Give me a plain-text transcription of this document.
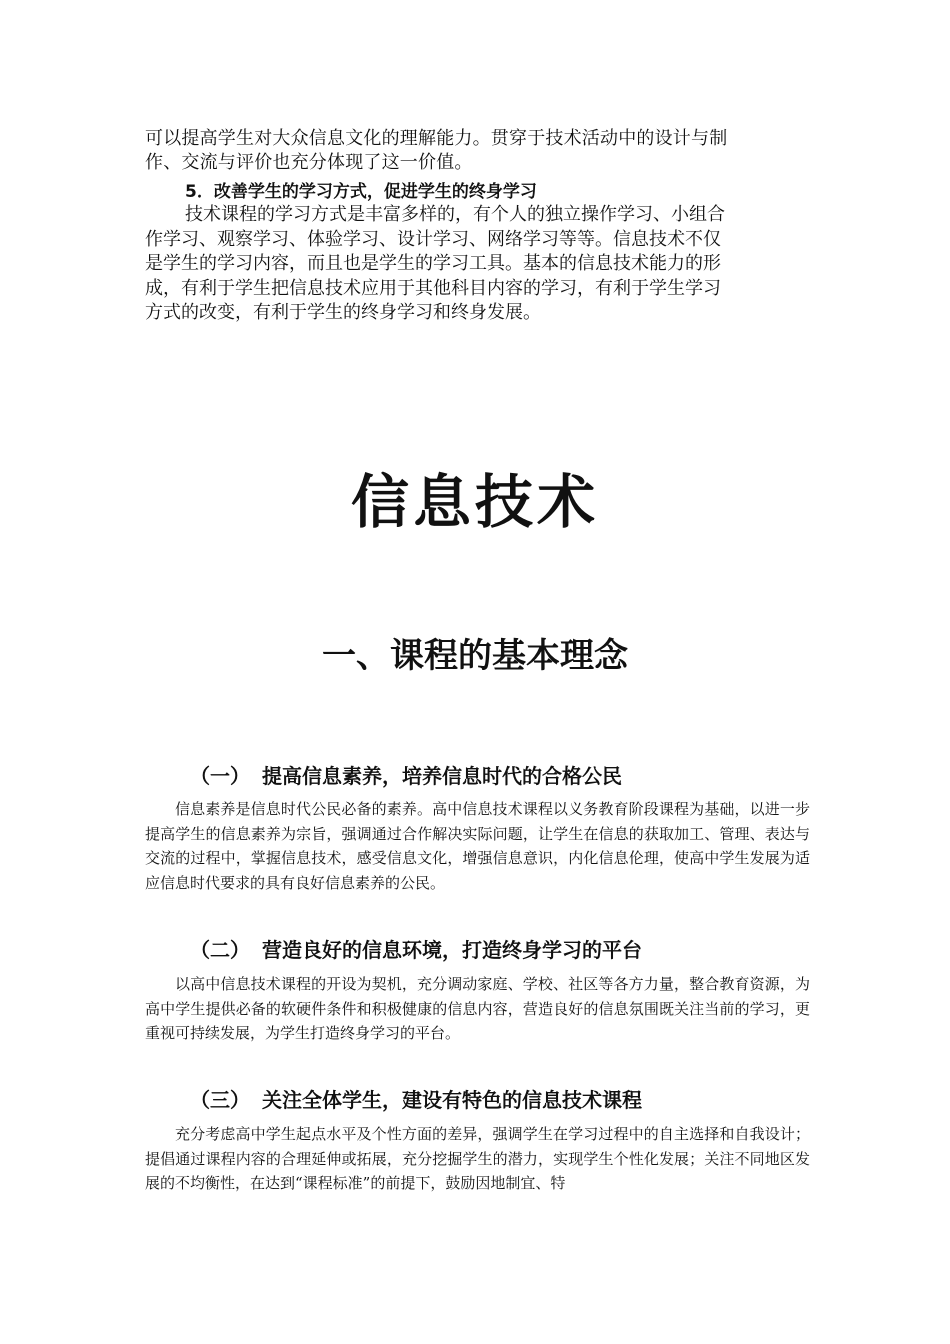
可以提高学生对大众信息文化的理解能力。贯穿于技术活动中的设计与制作、交流与评价也充分体现了这一价值。

5．改善学生的学习方式，促进学生的终身学习

技术课程的学习方式是丰富多样的，有个人的独立操作学习、小组合作学习、观察学习、体验学习、设计学习、网络学习等等。信息技术不仅是学生的学习内容，而且也是学生的学习工具。基本的信息技术能力的形成，有利于学生把信息技术应用于其他科目内容的学习，有利于学生学习方式的改变，有利于学生的终身学习和终身发展。

信息技术
一、课程的基本理念
（一） 提高信息素养，培养信息时代的合格公民

信息素养是信息时代公民必备的素养。高中信息技术课程以义务教育阶段课程为基础，以进一步提高学生的信息素养为宗旨，强调通过合作解决实际问题，让学生在信息的获取加工、管理、表达与交流的过程中，掌握信息技术，感受信息文化，增强信息意识，内化信息伦理，使高中学生发展为适应信息时代要求的具有良好信息素养的公民。

（二） 营造良好的信息环境，打造终身学习的平台

以高中信息技术课程的开设为契机，充分调动家庭、学校、社区等各方力量，整合教育资源，为高中学生提供必备的软硬件条件和积极健康的信息内容，营造良好的信息氛围既关注当前的学习，更重视可持续发展，为学生打造终身学习的平台。

（三） 关注全体学生，建设有特色的信息技术课程

充分考虑高中学生起点水平及个性方面的差异，强调学生在学习过程中的自主选择和自我设计；提倡通过课程内容的合理延伸或拓展，充分挖掘学生的潜力，实现学生个性化发展；关注不同地区发展的不均衡性，在达到“课程标准”的前提下，鼓励因地制宜、特
